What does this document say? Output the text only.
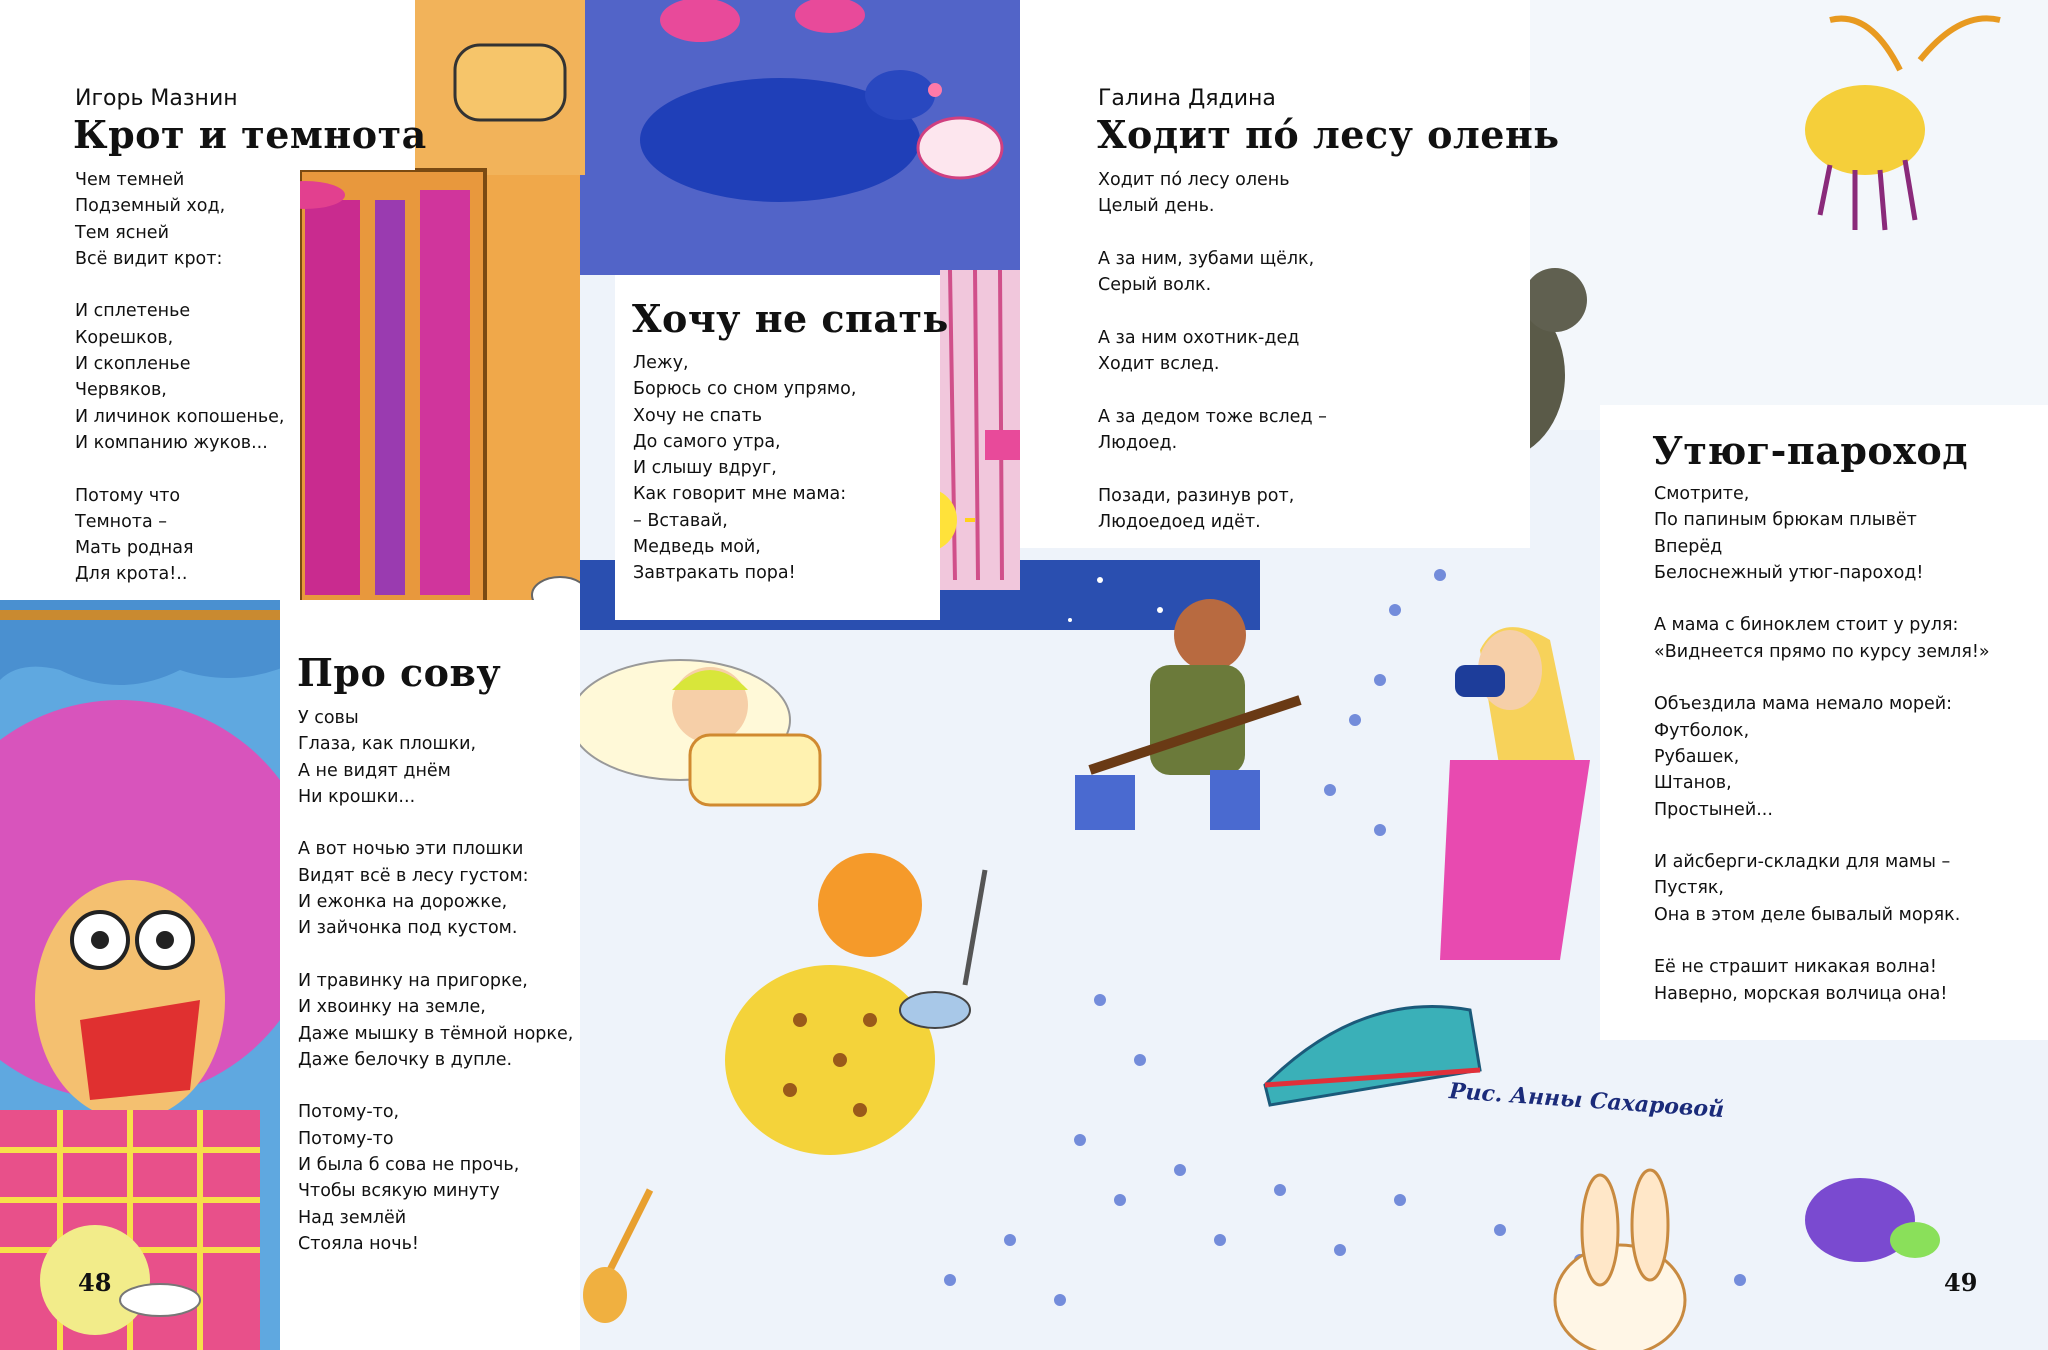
Игорь Мазнин

Крот и темнота
Чем темней
Подземный ход,
Тем ясней
Всё видит крот:
И сплетенье
Корешков,
И скопленье
Червяков,
И личинок копошенье,
И компанию жуков...
Потому что
Темнота –
Мать родная
Для крота!..
Хочу не спать
Лежу,
Борюсь со сном упрямо,
Хочу не спать
До самого утра,
И слышу вдруг,
Как говорит мне мама:
– Вставай,
Медведь мой,
Завтракать пора!

Галина Дядина

Ходит по́ лесу олень
Ходит по́ лесу олень
Целый день.
А за ним, зубами щёлк,
Серый волк.
А за ним охотник-дед
Ходит вслед.
А за дедом тоже вслед –
Людоед.
Позади, разинув рот,
Людоедоед идёт.
Про сову
У совы
Глаза, как плошки,
А не видят днём
Ни крошки...
А вот ночью эти плошки
Видят всё в лесу густом:
И ежонка на дорожке,
И зайчонка под кустом.
И травинку на пригорке,
И хвоинку на земле,
Даже мышку в тёмной норке,
Даже белочку в дупле.
Потому-то,
Потому-то
И была б сова не прочь,
Чтобы всякую минуту
Над землёй
Стояла ночь!
Утюг-пароход
Смотрите,
По папиным брюкам плывёт
Вперёд
Белоснежный утюг-пароход!
А мама с биноклем стоит у руля:
«Виднеется прямо по курсу земля!»
Объездила мама немало морей:
Футболок,
Рубашек,
Штанов,
Простыней...
И айсберги-складки для мамы –
Пустяк,
Она в этом деле бывалый моряк.
Её не страшит никакая волна!
Наверно, морская волчица она!
Рис. Анны Сахаровой
48	49
